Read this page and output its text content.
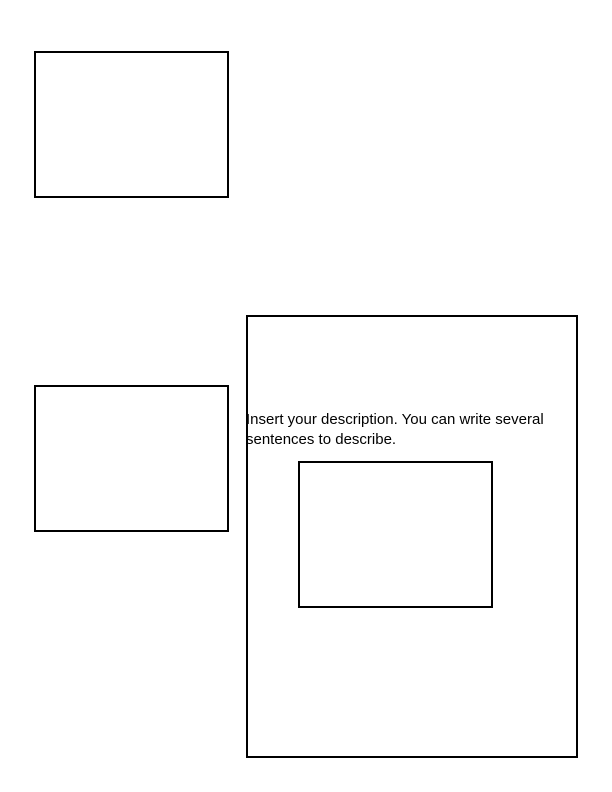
Insert your description. You can write several sentences to describe.
